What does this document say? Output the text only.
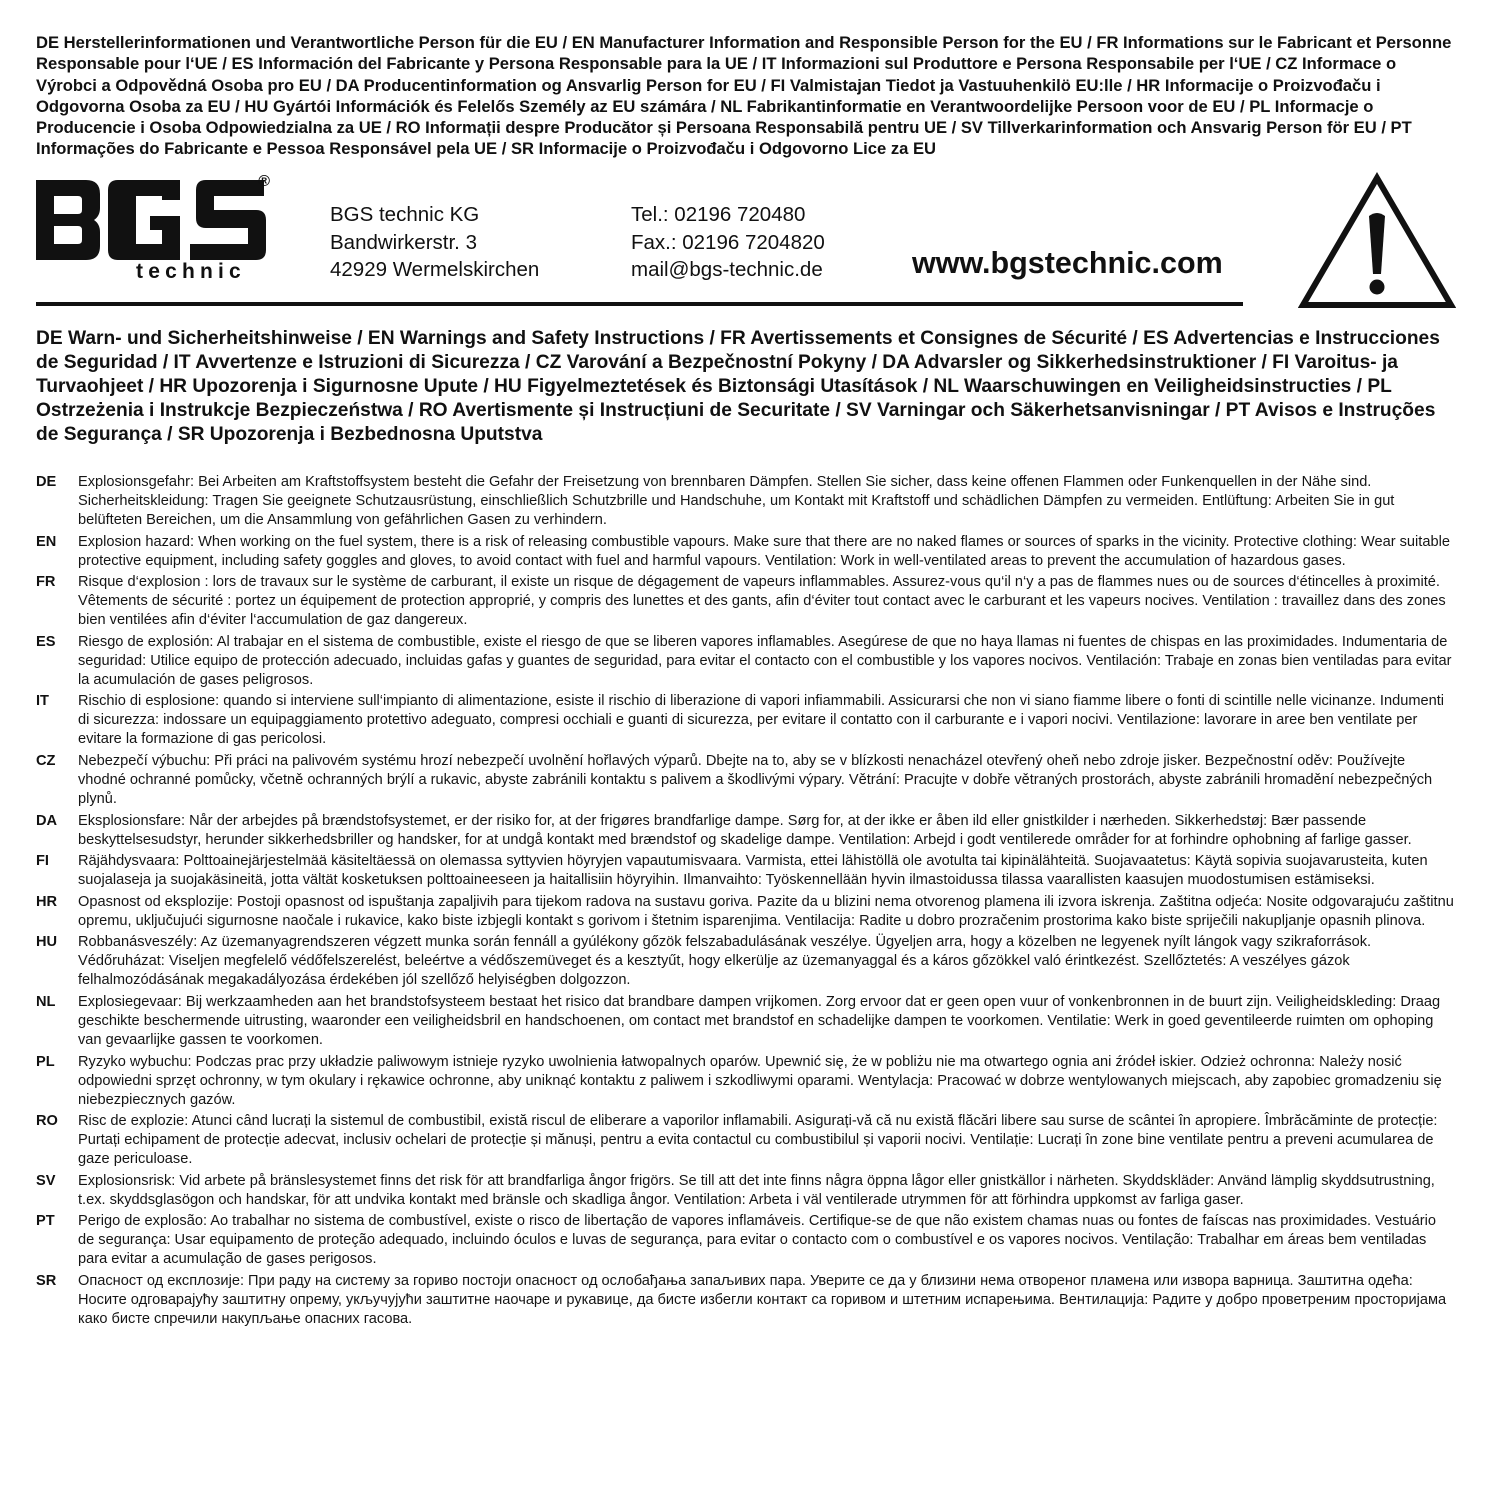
DE Herstellerinformationen und Verantwortliche Person für die EU / EN Manufacturer Information and Responsible Person for the EU / FR Informations sur le Fabricant et Personne Responsable pour l‘UE / ES Información del Fabricante y Persona Responsable para la UE / IT Informazioni sul Produttore e Persona Responsabile per l‘UE / CZ Informace o Výrobci a Odpovědná Osoba pro EU / DA Producentinformation og Ansvarlig Person for EU / FI Valmistajan Tiedot ja Vastuuhenkilö EU:lle / HR Informacije o Proizvođaču i Odgovorna Osoba za EU / HU Gyártói Információk és Felelős Személy az EU számára / NL Fabrikantinformatie en Verantwoordelijke Persoon voor de EU / PL Informacje o Producencie i Osoba Odpowiedzialna za UE / RO Informații despre Producător și Persoana Responsabilă pentru UE / SV Tillverkarinformation och Ansvarig Person för EU / PT Informações do Fabricante e Pessoa Responsável pela UE / SR Informacije o Proizvođaču i Odgovorno Lice za EU

®
technic
BGS technic KG
Bandwirkerstr. 3
42929 Wermelskirchen
Tel.: 02196 720480
Fax.: 02196 7204820
mail@bgs-technic.de	www.bgstechnic.com

DE Warn- und Sicherheitshinweise / EN Warnings and Safety Instructions / FR Avertissements et Consignes de Sécurité / ES Advertencias e Instrucciones de Seguridad / IT Avvertenze e Istruzioni di Sicurezza / CZ Varování a Bezpečnostní Pokyny / DA Advarsler og Sikkerhedsinstruktioner / FI Varoitus- ja Turvaohjeet / HR Upozorenja i Sigurnosne Upute / HU Figyelmeztetések és Biztonsági Utasítások / NL Waarschuwingen en Veiligheidsinstructies / PL Ostrzeżenia i Instrukcje Bezpieczeństwa / RO Avertismente și Instrucțiuni de Securitate / SV Varningar och Säkerhetsanvisningar / PT Avisos e Instruções de Segurança / SR Upozorenja i Bezbednosna Uputstva

DE	Explosionsgefahr: Bei Arbeiten am Kraftstoffsystem besteht die Gefahr der Freisetzung von brennbaren Dämpfen. Stellen Sie sicher, dass keine offenen Flammen oder Funkenquellen in der Nähe sind. Sicherheitskleidung: Tragen Sie geeignete Schutzausrüstung, einschließlich Schutzbrille und Handschuhe, um Kontakt mit Kraftstoff und schädlichen Dämpfen zu vermeiden. Entlüftung: Arbeiten Sie in gut belüfteten Bereichen, um die Ansammlung von gefährlichen Gasen zu verhindern.
EN	Explosion hazard: When working on the fuel system, there is a risk of releasing combustible vapours. Make sure that there are no naked flames or sources of sparks in the vicinity. Protective clothing: Wear suitable protective equipment, including safety goggles and gloves, to avoid contact with fuel and harmful vapours. Ventilation: Work in well-ventilated areas to prevent the accumulation of hazardous gases.
FR	Risque d‘explosion : lors de travaux sur le système de carburant, il existe un risque de dégagement de vapeurs inflammables. Assurez-vous qu‘il n‘y a pas de flammes nues ou de sources d‘étincelles à proximité. Vêtements de sécurité : portez un équipement de protection approprié, y compris des lunettes et des gants, afin d‘éviter tout contact avec le carburant et les vapeurs nocives. Ventilation : travaillez dans des zones bien ventilées afin d‘éviter l‘accumulation de gaz dangereux.
ES	Riesgo de explosión: Al trabajar en el sistema de combustible, existe el riesgo de que se liberen vapores inflamables. Asegúrese de que no haya llamas ni fuentes de chispas en las proximidades. Indumentaria de seguridad: Utilice equipo de protección adecuado, incluidas gafas y guantes de seguridad, para evitar el contacto con el combustible y los vapores nocivos. Ventilación: Trabaje en zonas bien ventiladas para evitar la acumulación de gases peligrosos.
IT	Rischio di esplosione: quando si interviene sull‘impianto di alimentazione, esiste il rischio di liberazione di vapori infiammabili. Assicurarsi che non vi siano fiamme libere o fonti di scintille nelle vicinanze. Indumenti di sicurezza: indossare un equipaggiamento protettivo adeguato, compresi occhiali e guanti di sicurezza, per evitare il contatto con il carburante e i vapori nocivi. Ventilazione: lavorare in aree ben ventilate per evitare la formazione di gas pericolosi.
CZ	Nebezpečí výbuchu: Při práci na palivovém systému hrozí nebezpečí uvolnění hořlavých výparů. Dbejte na to, aby se v blízkosti nenacházel otevřený oheň nebo zdroje jisker. Bezpečnostní oděv: Používejte vhodné ochranné pomůcky, včetně ochranných brýlí a rukavic, abyste zabránili kontaktu s palivem a škodlivými výpary. Větrání: Pracujte v dobře větraných prostorách, abyste zabránili hromadění nebezpečných plynů.
DA	Eksplosionsfare: Når der arbejdes på brændstofsystemet, er der risiko for, at der frigøres brandfarlige dampe. Sørg for, at der ikke er åben ild eller gnistkilder i nærheden. Sikkerhedstøj: Bær passende beskyttelsesudstyr, herunder sikkerhedsbriller og handsker, for at undgå kontakt med brændstof og skadelige dampe. Ventilation: Arbejd i godt ventilerede områder for at forhindre ophobning af farlige gasser.
FI	Räjähdysvaara: Polttoainejärjestelmää käsiteltäessä on olemassa syttyvien höyryjen vapautumisvaara. Varmista, ettei lähistöllä ole avotulta tai kipinälähteitä. Suojavaatetus: Käytä sopivia suojavarusteita, kuten suojalaseja ja suojakäsineitä, jotta vältät kosketuksen polttoaineeseen ja haitallisiin höyryihin. Ilmanvaihto: Työskennellään hyvin ilmastoidussa tilassa vaarallisten kaasujen muodostumisen estämiseksi.
HR	Opasnost od eksplozije: Postoji opasnost od ispuštanja zapaljivih para tijekom radova na sustavu goriva. Pazite da u blizini nema otvorenog plamena ili izvora iskrenja. Zaštitna odjeća: Nosite odgovarajuću zaštitnu opremu, uključujući sigurnosne naočale i rukavice, kako biste izbjegli kontakt s gorivom i štetnim isparenjima. Ventilacija: Radite u dobro prozračenim prostorima kako biste spriječili nakupljanje opasnih plinova.
HU	Robbanásveszély: Az üzemanyagrendszeren végzett munka során fennáll a gyúlékony gőzök felszabadulásának veszélye. Ügyeljen arra, hogy a közelben ne legyenek nyílt lángok vagy szikraforrások. Védőruházat: Viseljen megfelelő védőfelszerelést, beleértve a védőszemüveget és a kesztyűt, hogy elkerülje az üzemanyaggal és a káros gőzökkel való érintkezést. Szellőztetés: A veszélyes gázok felhalmozódásának megakadályozása érdekében jól szellőző helyiségben dolgozzon.
NL	Explosiegevaar: Bij werkzaamheden aan het brandstofsysteem bestaat het risico dat brandbare dampen vrijkomen. Zorg ervoor dat er geen open vuur of vonkenbronnen in de buurt zijn. Veiligheidskleding: Draag geschikte beschermende uitrusting, waaronder een veiligheidsbril en handschoenen, om contact met brandstof en schadelijke dampen te voorkomen. Ventilatie: Werk in goed geventileerde ruimten om ophoping van gevaarlijke gassen te voorkomen.
PL	Ryzyko wybuchu: Podczas prac przy układzie paliwowym istnieje ryzyko uwolnienia łatwopalnych oparów. Upewnić się, że w pobliżu nie ma otwartego ognia ani źródeł iskier. Odzież ochronna: Należy nosić odpowiedni sprzęt ochronny, w tym okulary i rękawice ochronne, aby uniknąć kontaktu z paliwem i szkodliwymi oparami. Wentylacja: Pracować w dobrze wentylowanych miejscach, aby zapobiec gromadzeniu się niebezpiecznych gazów.
RO	Risc de explozie: Atunci când lucrați la sistemul de combustibil, există riscul de eliberare a vaporilor inflamabili. Asigurați-vă că nu există flăcări libere sau surse de scântei în apropiere. Îmbrăcăminte de protecție: Purtați echipament de protecție adecvat, inclusiv ochelari de protecție și mănuși, pentru a evita contactul cu combustibilul și vaporii nocivi. Ventilație: Lucrați în zone bine ventilate pentru a preveni acumularea de gaze periculoase.
SV	Explosionsrisk: Vid arbete på bränslesystemet finns det risk för att brandfarliga ångor frigörs. Se till att det inte finns några öppna lågor eller gnistkällor i närheten. Skyddskläder: Använd lämplig skyddsutrustning, t.ex. skyddsglasögon och handskar, för att undvika kontakt med bränsle och skadliga ångor. Ventilation: Arbeta i väl ventilerade utrymmen för att förhindra uppkomst av farliga gaser.
PT	Perigo de explosão: Ao trabalhar no sistema de combustível, existe o risco de libertação de vapores inflamáveis. Certifique-se de que não existem chamas nuas ou fontes de faíscas nas proximidades. Vestuário de segurança: Usar equipamento de proteção adequado, incluindo óculos e luvas de segurança, para evitar o contacto com o combustível e os vapores nocivos. Ventilação: Trabalhar em áreas bem ventiladas para evitar a acumulação de gases perigosos.
SR	Опасност од експлозије: При раду на систему за гориво постоји опасност од ослобађања запаљивих пара. Уверите се да у близини нема отвореног пламена или извора варница. Заштитна одећа: Носите одговарајућу заштитну опрему, укључујући заштитне наочаре и рукавице, да бисте избегли контакт са горивом и штетним испарењима. Вентилација: Радите у добро проветреним просторијама како бисте спречили накупљање опасних гасова.
